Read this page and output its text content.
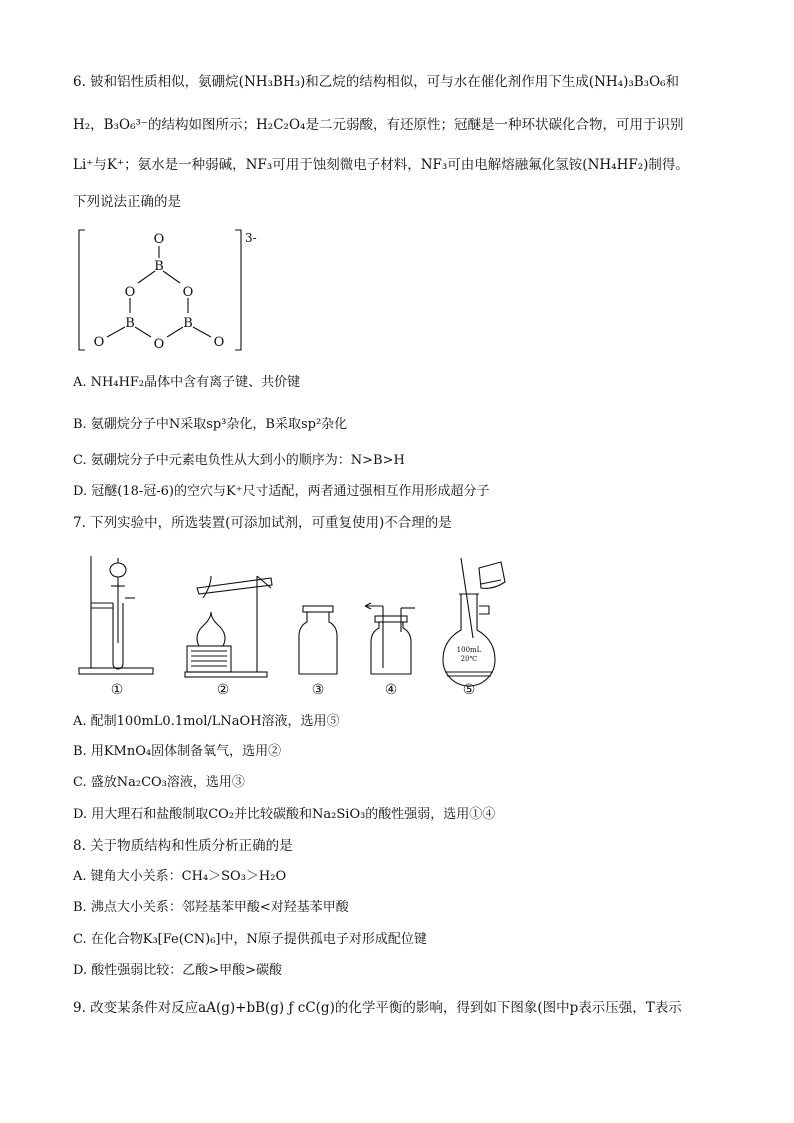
6. 铍和铝性质相似，氨硼烷(NH₃BH₃)和乙烷的结构相似，可与水在催化剂作用下生成(NH₄)₃B₃O₆和
H₂，B₃O₆³⁻的结构如图所示；H₂C₂O₄是二元弱酸，有还原性；冠醚是一种环状碳化合物，可用于识别
Li⁺与K⁺；氨水是一种弱碱，NF₃可用于蚀刻微电子材料，NF₃可由电解熔融氟化氢铵(NH₄HF₂)制得。
下列说法正确的是
O
B
O	O
B	B
O
O	O
3-
A. NH₄HF₂晶体中含有离子键、共价键
B. 氨硼烷分子中N采取sp³杂化，B采取sp²杂化
C. 氨硼烷分子中元素电负性从大到小的顺序为：N>B>H
D. 冠醚(18-冠-6)的空穴与K⁺尺寸适配，两者通过强相互作用形成超分子
7. 下列实验中，所选装置(可添加试剂，可重复使用)不合理的是
100mL
20℃
①	②	③	④	⑤
A. 配制100mL0.1mol/LNaOH溶液，选用⑤
B. 用KMnO₄固体制备氧气，选用②
C. 盛放Na₂CO₃溶液，选用③
D. 用大理石和盐酸制取CO₂并比较碳酸和Na₂SiO₃的酸性强弱，选用①④
8. 关于物质结构和性质分析正确的是
A. 键角大小关系：CH₄＞SO₃＞H₂O
B. 沸点大小关系：邻羟基苯甲酸<对羟基苯甲酸
C. 在化合物K₃[Fe(CN)₆]中，N原子提供孤电子对形成配位键
D. 酸性强弱比较：乙酸>甲酸>碳酸
9. 改变某条件对反应aA(g)+bB(g) ƒ cC(g)的化学平衡的影响，得到如下图象(图中p表示压强，T表示
